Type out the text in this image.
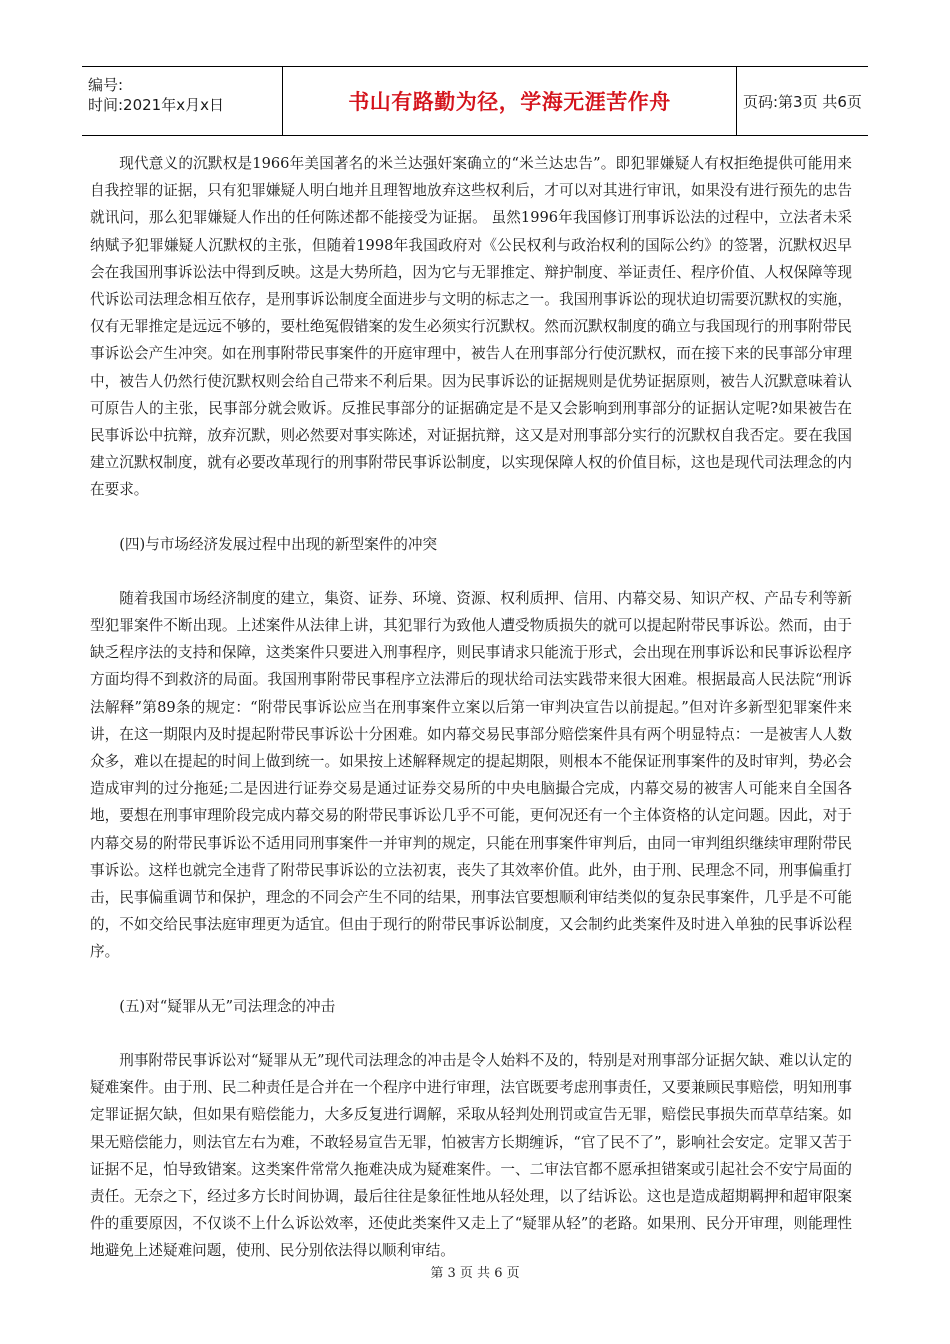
编号:
时间:2021年x月x日	书山有路勤为径，学海无涯苦作舟	页码:第3页 共6页

现代意义的沉默权是1966年美国著名的米兰达强奸案确立的“米兰达忠告”。即犯罪嫌疑人有权拒绝提供可能用来自我控罪的证据，只有犯罪嫌疑人明白地并且理智地放弃这些权利后，才可以对其进行审讯，如果没有进行预先的忠告就讯问，那么犯罪嫌疑人作出的任何陈述都不能接受为证据。 虽然1996年我国修订刑事诉讼法的过程中，立法者未采纳赋予犯罪嫌疑人沉默权的主张，但随着1998年我国政府对《公民权利与政治权利的国际公约》的签署，沉默权迟早会在我国刑事诉讼法中得到反映。这是大势所趋，因为它与无罪推定、辩护制度、举证责任、程序价值、人权保障等现代诉讼司法理念相互依存，是刑事诉讼制度全面进步与文明的标志之一。我国刑事诉讼的现状迫切需要沉默权的实施，仅有无罪推定是远远不够的，要杜绝冤假错案的发生必须实行沉默权。然而沉默权制度的确立与我国现行的刑事附带民事诉讼会产生冲突。如在刑事附带民事案件的开庭审理中，被告人在刑事部分行使沉默权，而在接下来的民事部分审理中，被告人仍然行使沉默权则会给自己带来不利后果。因为民事诉讼的证据规则是优势证据原则，被告人沉默意味着认可原告人的主张，民事部分就会败诉。反推民事部分的证据确定是不是又会影响到刑事部分的证据认定呢?如果被告在民事诉讼中抗辩，放弃沉默，则必然要对事实陈述，对证据抗辩，这又是对刑事部分实行的沉默权自我否定。要在我国建立沉默权制度，就有必要改革现行的刑事附带民事诉讼制度，以实现保障人权的价值目标，这也是现代司法理念的内在要求。

(四)与市场经济发展过程中出现的新型案件的冲突

随着我国市场经济制度的建立，集资、证券、环境、资源、权利质押、信用、内幕交易、知识产权、产品专利等新型犯罪案件不断出现。上述案件从法律上讲，其犯罪行为致他人遭受物质损失的就可以提起附带民事诉讼。然而，由于缺乏程序法的支持和保障，这类案件只要进入刑事程序，则民事请求只能流于形式，会出现在刑事诉讼和民事诉讼程序方面均得不到救济的局面。我国刑事附带民事程序立法滞后的现状给司法实践带来很大困难。根据最高人民法院“刑诉法解释”第89条的规定：“附带民事诉讼应当在刑事案件立案以后第一审判决宣告以前提起。”但对许多新型犯罪案件来讲，在这一期限内及时提起附带民事诉讼十分困难。如内幕交易民事部分赔偿案件具有两个明显特点：一是被害人人数众多，难以在提起的时间上做到统一。如果按上述解释规定的提起期限，则根本不能保证刑事案件的及时审判，势必会造成审判的过分拖延;二是因进行证券交易是通过证券交易所的中央电脑撮合完成，内幕交易的被害人可能来自全国各地，要想在刑事审理阶段完成内幕交易的附带民事诉讼几乎不可能，更何况还有一个主体资格的认定问题。因此，对于内幕交易的附带民事诉讼不适用同刑事案件一并审判的规定，只能在刑事案件审判后，由同一审判组织继续审理附带民事诉讼。这样也就完全违背了附带民事诉讼的立法初衷，丧失了其效率价值。此外，由于刑、民理念不同，刑事偏重打击，民事偏重调节和保护，理念的不同会产生不同的结果，刑事法官要想顺利审结类似的复杂民事案件，几乎是不可能的，不如交给民事法庭审理更为适宜。但由于现行的附带民事诉讼制度，又会制约此类案件及时进入单独的民事诉讼程序。

(五)对“疑罪从无”司法理念的冲击

刑事附带民事诉讼对“疑罪从无”现代司法理念的冲击是令人始料不及的，特别是对刑事部分证据欠缺、难以认定的疑难案件。由于刑、民二种责任是合并在一个程序中进行审理，法官既要考虑刑事责任，又要兼顾民事赔偿，明知刑事定罪证据欠缺，但如果有赔偿能力，大多反复进行调解，采取从轻判处刑罚或宣告无罪，赔偿民事损失而草草结案。如果无赔偿能力，则法官左右为难，不敢轻易宣告无罪，怕被害方长期缠诉，“官了民不了”，影响社会安定。定罪又苦于证据不足，怕导致错案。这类案件常常久拖难决成为疑难案件。一、二审法官都不愿承担错案或引起社会不安宁局面的责任。无奈之下，经过多方长时间协调，最后往往是象征性地从轻处理，以了结诉讼。这也是造成超期羁押和超审限案件的重要原因，不仅谈不上什么诉讼效率，还使此类案件又走上了“疑罪从轻”的老路。如果刑、民分开审理，则能理性地避免上述疑难问题，使刑、民分别依法得以顺利审结。

第 3 页 共 6 页
